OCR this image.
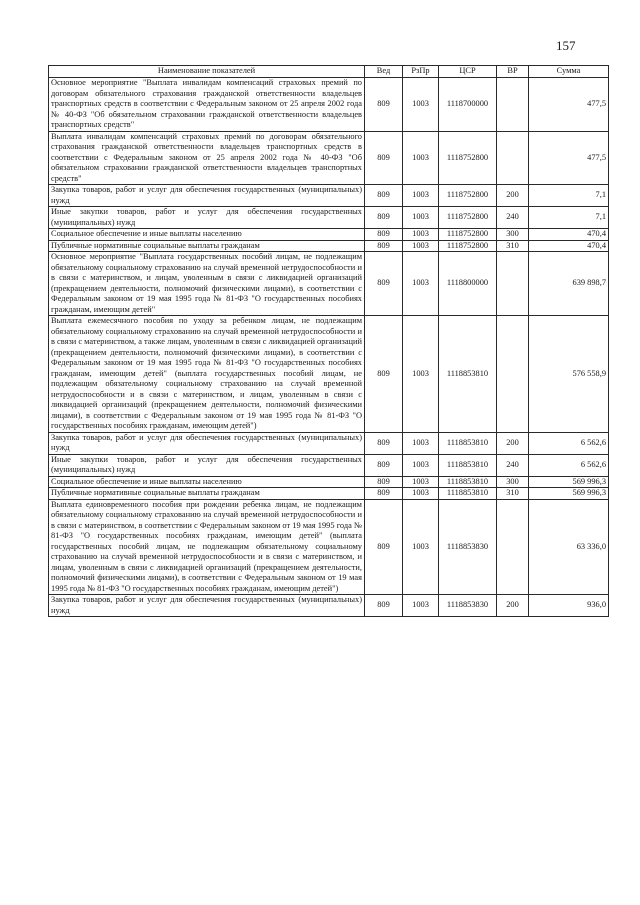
157
Наименование показателей	Вед	РзПр	ЦСР	ВР	Сумма
Основное мероприятие "Выплата инвалидам компенсаций страховых премий по договорам обязательного страхования гражданской ответственности владельцев транспортных средств в соответствии с Федеральным законом от 25 апреля 2002 года № 40-ФЗ "Об обязательном страховании гражданской ответственности владельцев транспортных средств"	809	1003	1118700000		477,5
Выплата инвалидам компенсаций страховых премий по договорам обязательного страхования гражданской ответственности владельцев транспортных средств в соответствии с Федеральным законом от 25 апреля 2002 года № 40-ФЗ "Об обязательном страховании гражданской ответственности владельцев транспортных средств"	809	1003	1118752800		477,5
Закупка товаров, работ и услуг для обеспечения государственных (муниципальных) нужд	809	1003	1118752800	200	7,1
Иные закупки товаров, работ и услуг для обеспечения государственных (муниципальных) нужд	809	1003	1118752800	240	7,1
Социальное обеспечение и иные выплаты населению	809	1003	1118752800	300	470,4
Публичные нормативные социальные выплаты гражданам	809	1003	1118752800	310	470,4
Основное мероприятие "Выплата государственных пособий лицам, не подлежащим обязательному социальному страхованию на случай временной нетрудоспособности и в связи с материнством, и лицам, уволенным в связи с ликвидацией организаций (прекращением деятельности, полномочий физическими лицами), в соответствии с Федеральным законом от 19 мая 1995 года № 81-ФЗ "О государственных пособиях гражданам, имеющим детей"	809	1003	1118800000		639 898,7
Выплата ежемесячного пособия по уходу за ребенком лицам, не подлежащим обязательному социальному страхованию на случай временной нетрудоспособности и в связи с материнством, а также лицам, уволенным в связи с ликвидацией организаций (прекращением деятельности, полномочий физическими лицами), в соответствии с Федеральным законом от 19 мая 1995 года № 81-ФЗ "О государственных пособиях гражданам, имеющим детей" (выплата государственных пособий лицам, не подлежащим обязательному социальному страхованию на случай временной нетрудоспособности и в связи с материнством, и лицам, уволенным в связи с ликвидацией организаций (прекращением деятельности, полномочий физическими лицами), в соответствии с Федеральным законом от 19 мая 1995 года № 81-ФЗ "О государственных пособиях гражданам, имеющим детей")	809	1003	1118853810		576 558,9
Закупка товаров, работ и услуг для обеспечения государственных (муниципальных) нужд	809	1003	1118853810	200	6 562,6
Иные закупки товаров, работ и услуг для обеспечения государственных (муниципальных) нужд	809	1003	1118853810	240	6 562,6
Социальное обеспечение и иные выплаты населению	809	1003	1118853810	300	569 996,3
Публичные нормативные социальные выплаты гражданам	809	1003	1118853810	310	569 996,3
Выплата единовременного пособия при рождении ребенка лицам, не подлежащим обязательному социальному страхованию на случай временной нетрудоспособности и в связи с материнством, в соответствии с Федеральным законом от 19 мая 1995 года № 81-ФЗ "О государственных пособиях гражданам, имеющим детей" (выплата государственных пособий лицам, не подлежащим обязательному социальному страхованию на случай временной нетрудоспособности и в связи с материнством, и лицам, уволенным в связи с ликвидацией организаций (прекращением деятельности, полномочий физическими лицами), в соответствии с Федеральным законом от 19 мая 1995 года № 81-ФЗ "О государственных пособиях гражданам, имеющим детей")	809	1003	1118853830		63 336,0
Закупка товаров, работ и услуг для обеспечения государственных (муниципальных) нужд	809	1003	1118853830	200	936,0
